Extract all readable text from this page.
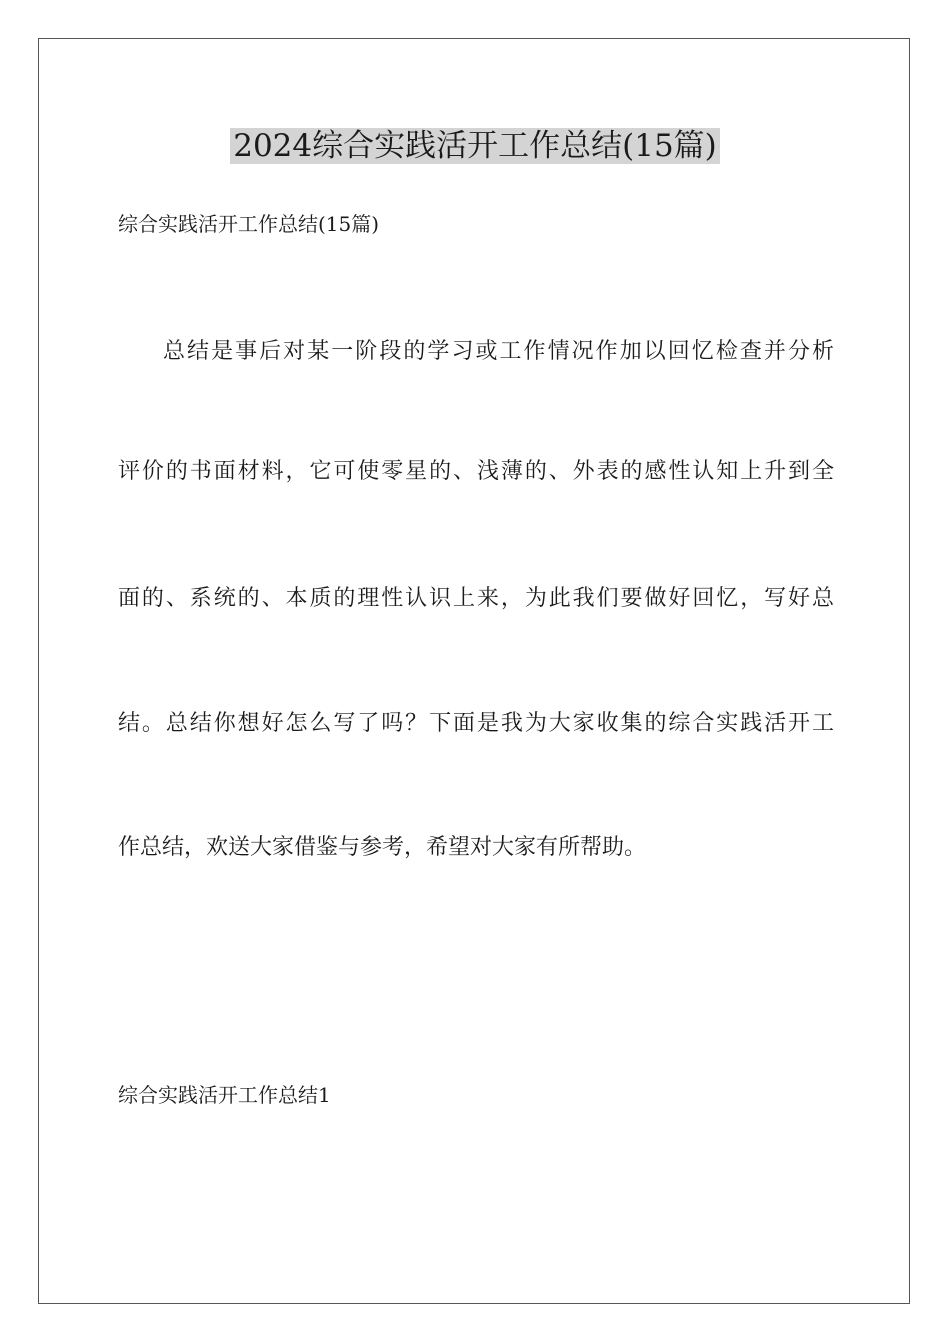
2024综合实践活开工作总结(15篇)

综合实践活开工作总结(15篇)

总结是事后对某一阶段的学习或工作情况作加以回忆检查并分析

评价的书面材料，它可使零星的、浅薄的、外表的感性认知上升到全

面的、系统的、本质的理性认识上来，为此我们要做好回忆，写好总

结。总结你想好怎么写了吗？下面是我为大家收集的综合实践活开工

作总结，欢送大家借鉴与参考，希望对大家有所帮助。

综合实践活开工作总结1
